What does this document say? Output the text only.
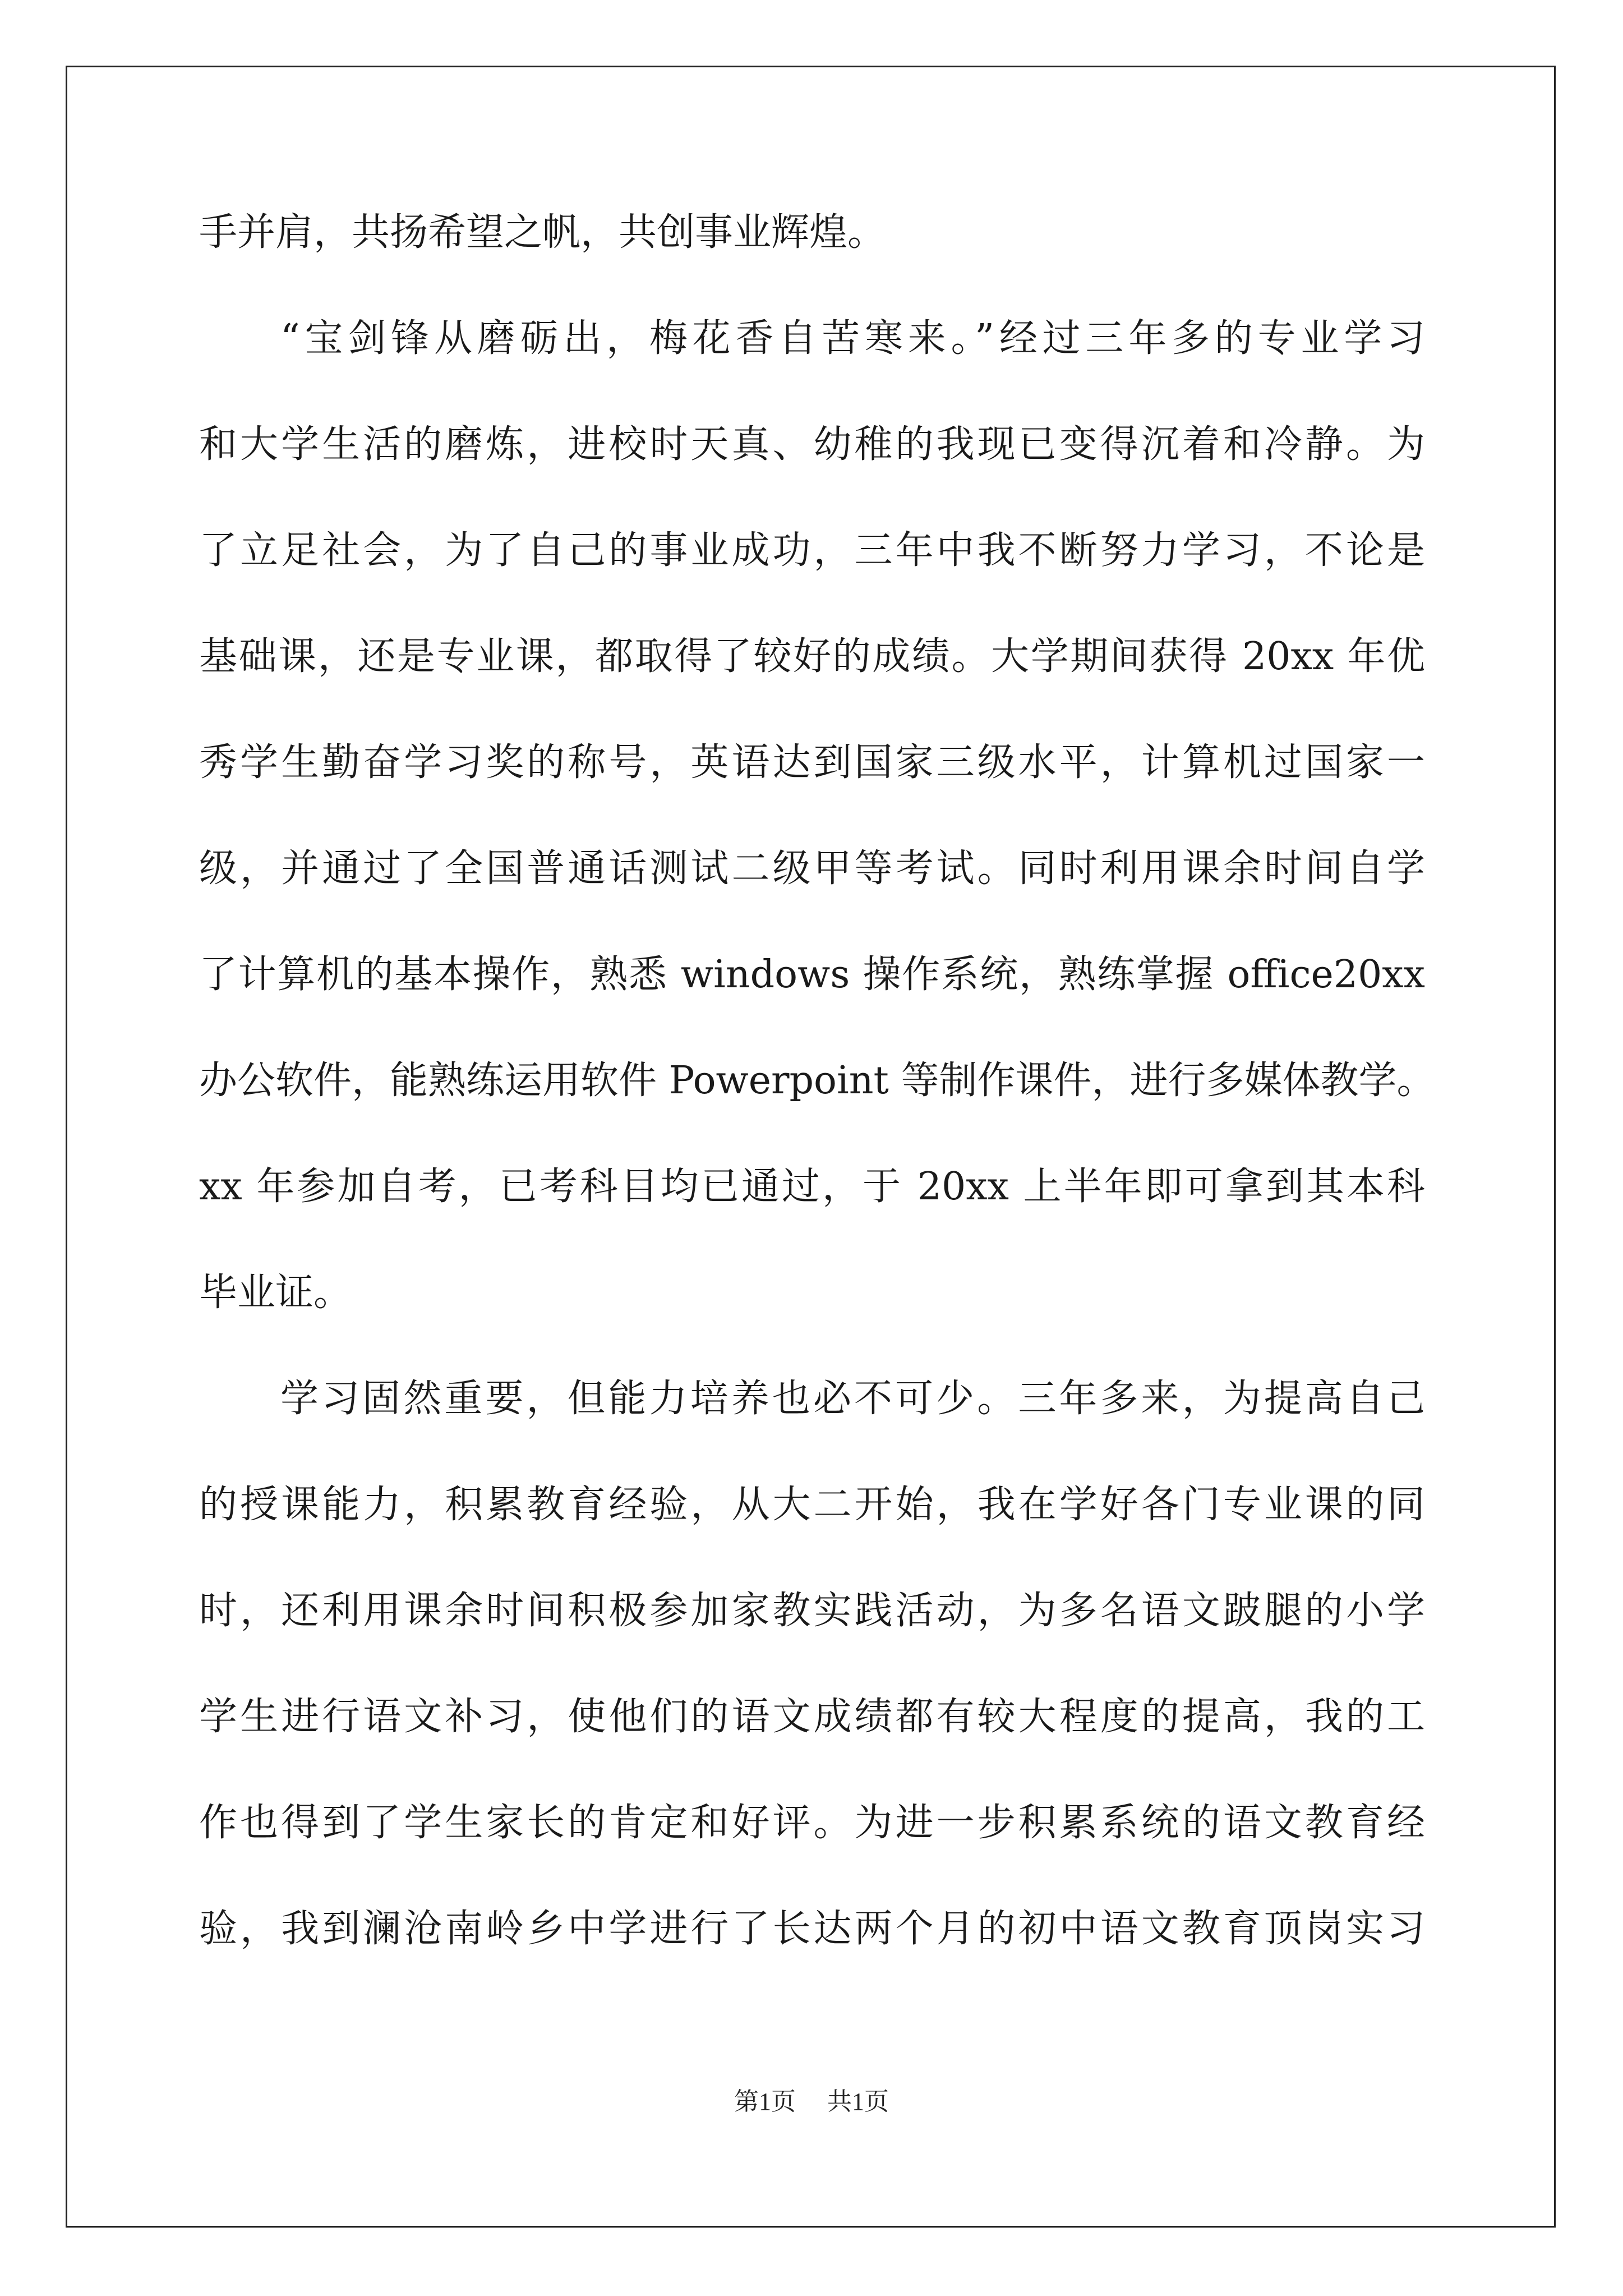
手并肩，共扬希望之帆，共创事业辉煌。
“宝剑锋从磨砺出，梅花香自苦寒来。”经过三年多的专业学习
和大学生活的磨炼，进校时天真、幼稚的我现已变得沉着和冷静。为
了立足社会，为了自己的事业成功，三年中我不断努力学习，不论是
基础课，还是专业课，都取得了较好的成绩。大学期间获得 20xx 年优
秀学生勤奋学习奖的称号，英语达到国家三级水平，计算机过国家一
级，并通过了全国普通话测试二级甲等考试。同时利用课余时间自学
了计算机的基本操作，熟悉 windows 操作系统，熟练掌握 office20xx
办公软件，能熟练运用软件 Powerpoint 等制作课件，进行多媒体教学。
xx 年参加自考，已考科目均已通过，于 20xx 上半年即可拿到其本科
毕业证。
学习固然重要，但能力培养也必不可少。三年多来，为提高自己
的授课能力，积累教育经验，从大二开始，我在学好各门专业课的同
时，还利用课余时间积极参加家教实践活动，为多名语文跛腿的小学
学生进行语文补习，使他们的语文成绩都有较大程度的提高，我的工
作也得到了学生家长的肯定和好评。为进一步积累系统的语文教育经
验，我到澜沧南岭乡中学进行了长达两个月的初中语文教育顶岗实习
第1页 共1页
